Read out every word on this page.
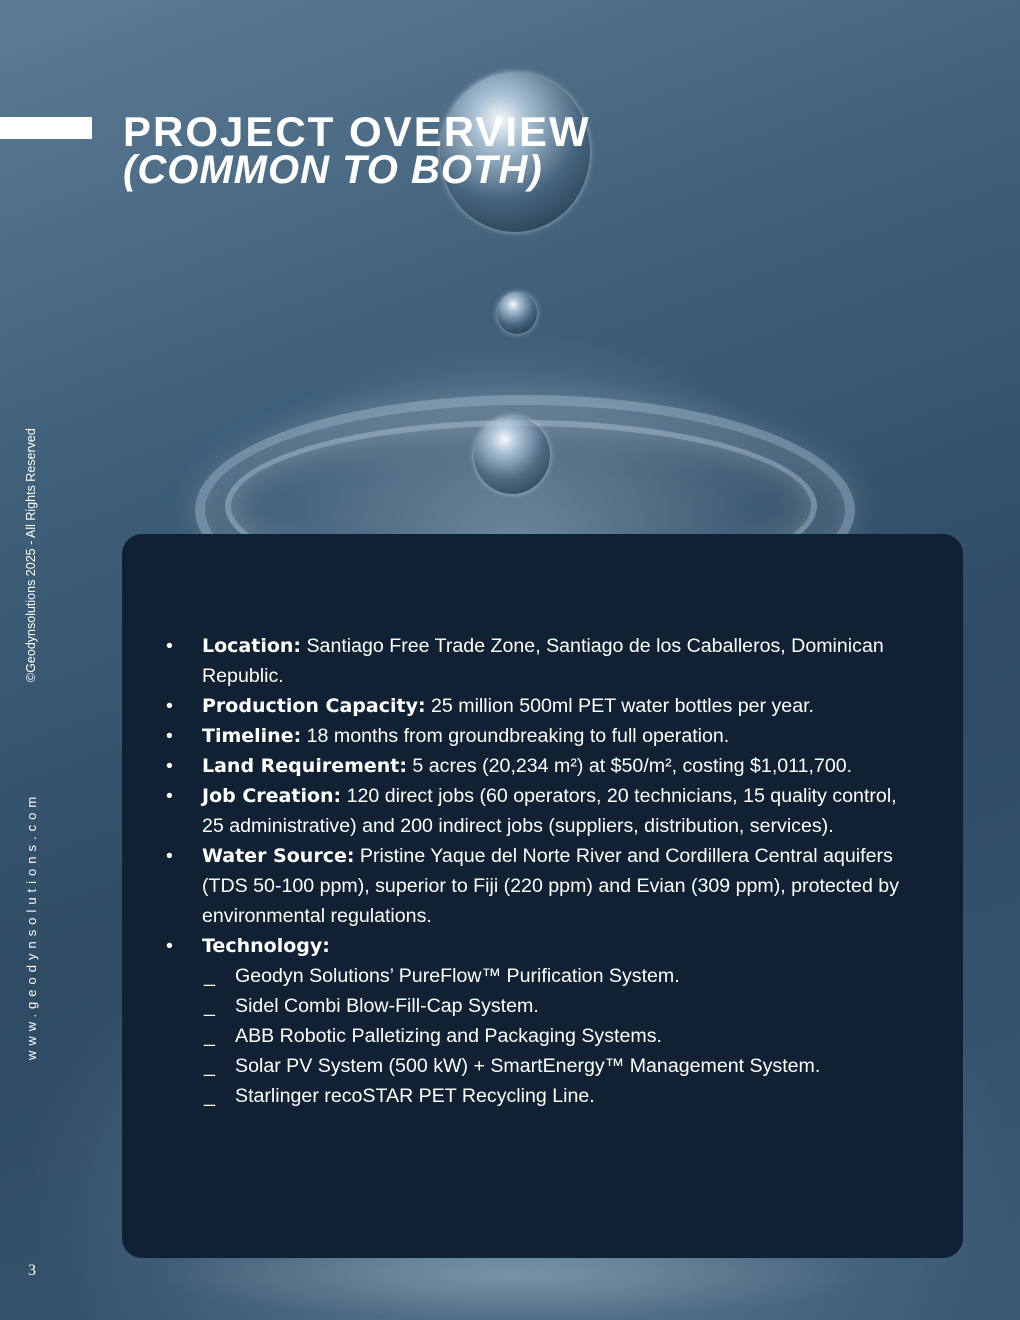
PROJECT OVERVIEW
(COMMON TO BOTH)
©Geodynsolutions 2025 - All Rights Reserved
www.geodynsolutions.com
3
• Location: Santiago Free Trade Zone, Santiago de los Caballeros, Dominican Republic.
• Production Capacity: 25 million 500ml PET water bottles per year.
• Timeline: 18 months from groundbreaking to full operation.
• Land Requirement: 5 acres (20,234 m²) at $50/m², costing $1,011,700.
• Job Creation: 120 direct jobs (60 operators, 20 technicians, 15 quality control, 25 administrative) and 200 indirect jobs (suppliers, distribution, services).
• Water Source: Pristine Yaque del Norte River and Cordillera Central aquifers (TDS 50-100 ppm), superior to Fiji (220 ppm) and Evian (309 ppm), protected by environmental regulations.
• Technology:
_ Geodyn Solutions’ PureFlow™ Purification System.
_ Sidel Combi Blow-Fill-Cap System.
_ ABB Robotic Palletizing and Packaging Systems.
_ Solar PV System (500 kW) + SmartEnergy™ Management System.
_ Starlinger recoSTAR PET Recycling Line.
